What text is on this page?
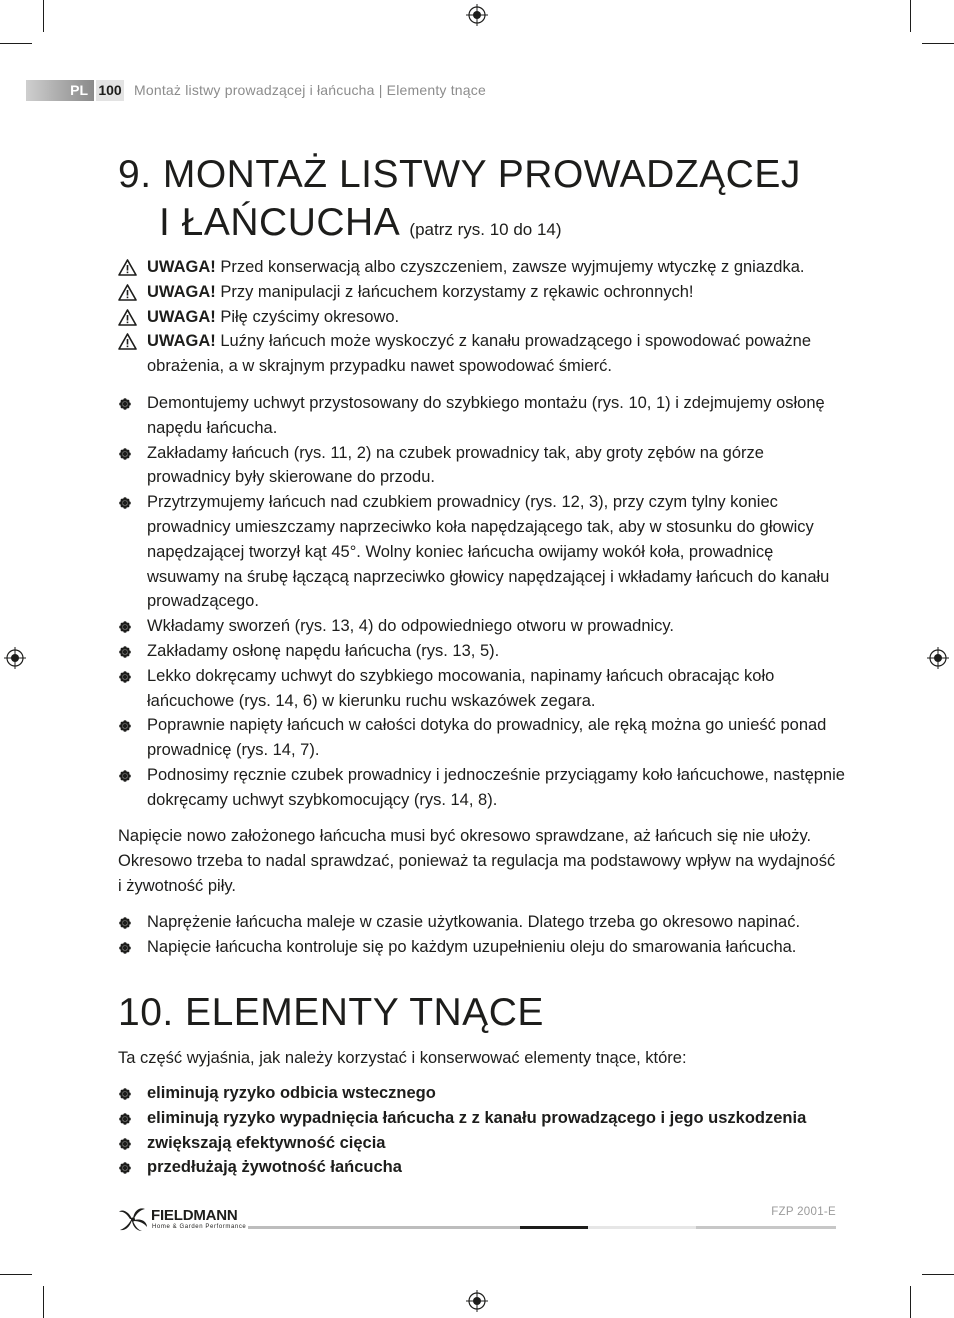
PL 100 Montaż listwy prowadzącej i łańcucha | Elementy tnące
9. MONTAŻ LISTWY PROWADZĄCEJ
I ŁAŃCUCHA (patrz rys. 10 do 14)
UWAGA! Przed konserwacją albo czyszczeniem, zawsze wyjmujemy wtyczkę z gniazdka.
UWAGA! Przy manipulacji z łańcuchem korzystamy z rękawic ochronnych!
UWAGA! Piłę czyścimy okresowo.
UWAGA! Luźny łańcuch może wyskoczyć z kanału prowadzącego i spowodować poważne obrażenia, a w skrajnym przypadku nawet spowodować śmierć.
Demontujemy uchwyt przystosowany do szybkiego montażu (rys. 10, 1) i zdejmujemy osłonę napędu łańcucha.
Zakładamy łańcuch (rys. 11, 2) na czubek prowadnicy tak, aby groty zębów na górze prowadnicy były skierowane do przodu.
Przytrzymujemy łańcuch nad czubkiem prowadnicy (rys. 12, 3), przy czym tylny koniec prowadnicy umieszczamy naprzeciwko koła napędzającego tak, aby w stosunku do głowicy napędzającej tworzył kąt 45°. Wolny koniec łańcucha owijamy wokół koła, prowadnicę wsuwamy na śrubę łączącą naprzeciwko głowicy napędzającej i wkładamy łańcuch do kanału prowadzącego.
Wkładamy sworzeń (rys. 13, 4) do odpowiedniego otworu w prowadnicy.
Zakładamy osłonę napędu łańcucha (rys. 13, 5).
Lekko dokręcamy uchwyt do szybkiego mocowania, napinamy łańcuch obracając koło łańcuchowe (rys. 14, 6) w kierunku ruchu wskazówek zegara.
Poprawnie napięty łańcuch w całości dotyka do prowadnicy, ale ręką można go unieść ponad prowadnicę (rys. 14, 7).
Podnosimy ręcznie czubek prowadnicy i jednocześnie przyciągamy koło łańcuchowe, następnie dokręcamy uchwyt szybkomocujący (rys. 14, 8).

Napięcie nowo założonego łańcucha musi być okresowo sprawdzane, aż łańcuch się nie ułoży. Okresowo trzeba to nadal sprawdzać, ponieważ ta regulacja ma podstawowy wpływ na wydajność i żywotność piły.

Naprężenie łańcucha maleje w czasie użytkowania. Dlatego trzeba go okresowo napinać.
Napięcie łańcucha kontroluje się po każdym uzupełnieniu oleju do smarowania łańcucha.
10. ELEMENTY TNĄCE

Ta część wyjaśnia, jak należy korzystać i konserwować elementy tnące, które:

eliminują ryzyko odbicia wstecznego
eliminują ryzyko wypadnięcia łańcucha z z kanału prowadzącego i jego uszkodzenia
zwiększają efektywność cięcia
przedłużają żywotność łańcucha
FIELDMANN
Home & Garden Performance
FZP 2001-E
